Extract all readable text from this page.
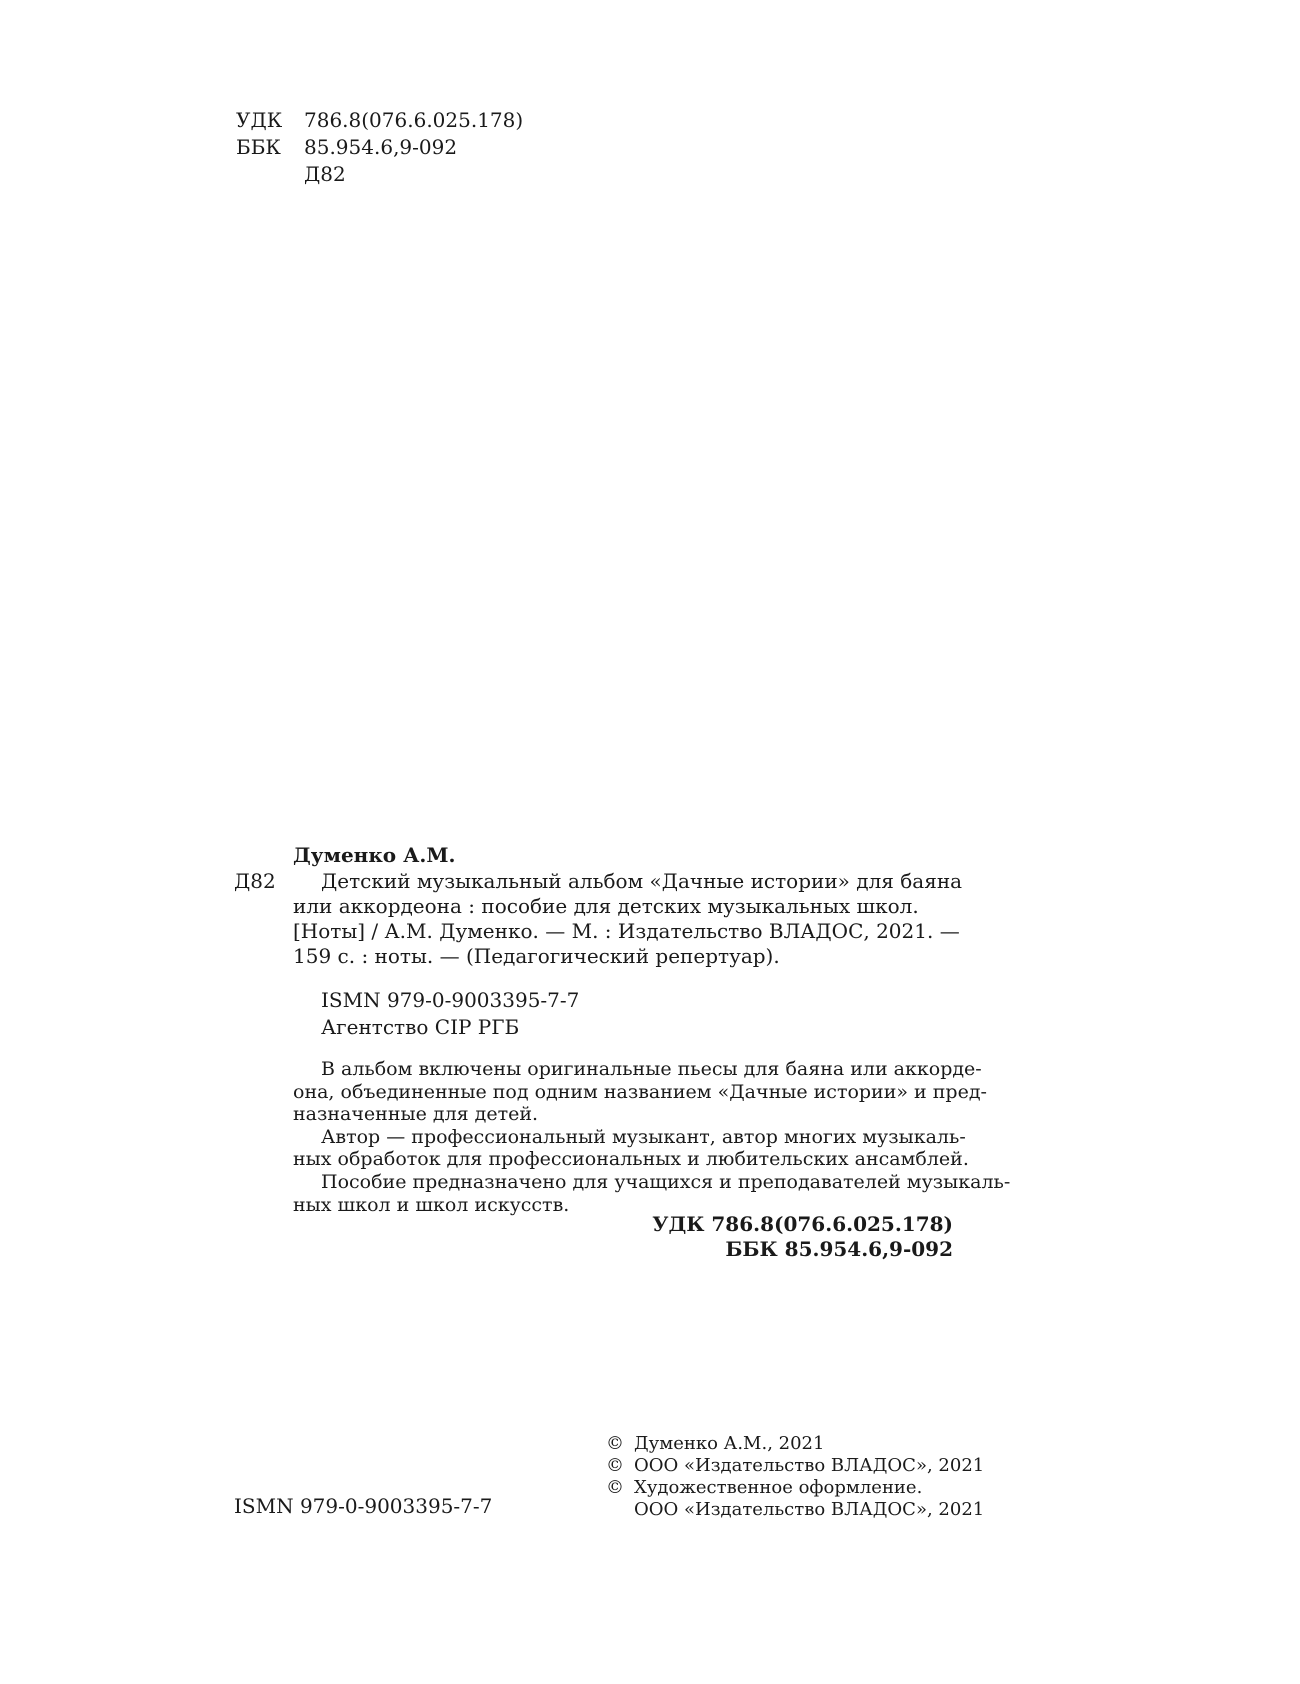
УДК 786.8(076.6.025.178)
ББК 85.954.6,9-092
Д82
Думенко А.М.
Д82	Детский музыкальный альбом «Дачные истории» для баяна
или аккордеона : пособие для детских музыкальных школ.
[Ноты] / А.М. Думенко. — М. : Издательство ВЛАДОС, 2021. —
159 с. : ноты. — (Педагогический репертуар).
ISMN 979-0-9003395-7-7
Агентство CIP РГБ
В альбом включены оригинальные пьесы для баяна или аккорде-
она, объединенные под одним названием «Дачные истории» и пред-
назначенные для детей.
Автор — профессиональный музыкант, автор многих музыкаль-
ных обработок для профессиональных и любительских ансамблей.
Пособие предназначено для учащихся и преподавателей музыкаль-
ных школ и школ искусств.
УДК 786.8(076.6.025.178)
ББК 85.954.6,9-092
ISMN 979-0-9003395-7-7
© Думенко А.М., 2021
© ООО «Издательство ВЛАДОС», 2021
© Художественное оформление.
ООО «Издательство ВЛАДОС», 2021
